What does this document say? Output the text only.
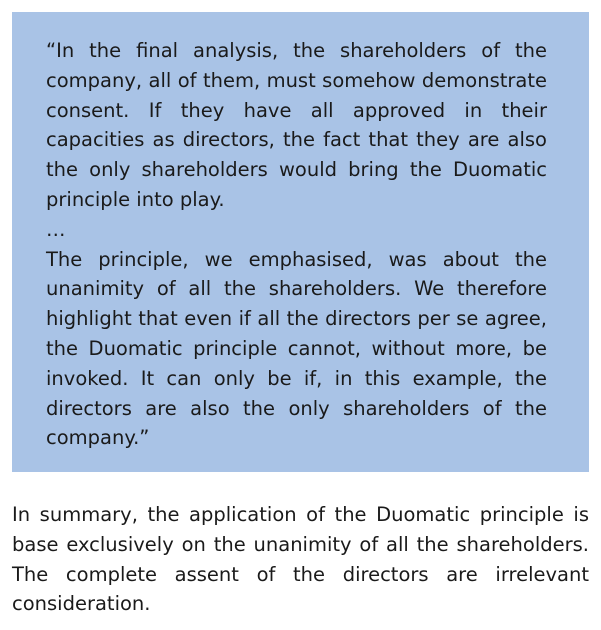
“In the final analysis, the shareholders of the company, all of them, must somehow demonstrate consent. If they have all approved in their capacities as directors, the fact that they are also the only shareholders would bring the Duomatic principle into play.

…

The principle, we emphasised, was about the unanimity of all the shareholders. We therefore highlight that even if all the directors per se agree, the Duomatic principle cannot, without more, be invoked. It can only be if, in this example, the directors are also the only shareholders of the company.”

In summary, the application of the Duomatic principle is base exclusively on the unanimity of all the shareholders. The complete assent of the directors are irrelevant consideration.
